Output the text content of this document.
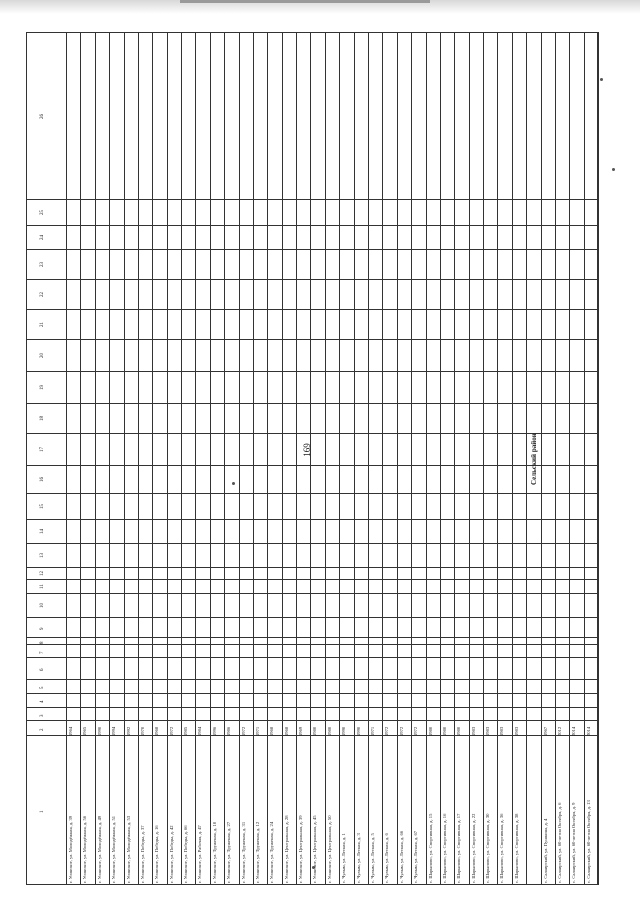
169
1
2
3
4
5
6
7
8
9
10
11
12
13
14
15
16
17
18
19
20
21
22
23
24
25
26
г. Усинское, ул. Молодёжная, д. 39
1964
г. Усинское, ул. Молодёжная, д. 56
1965
г. Усинское, ул. Молодёжная, д. 49
1990
г. Усинское, ул. Молодёжная, д. 51
1994
г. Усинское, ул. Молодёжная, д. 53
1992
г. Усинское, ул. Победы, д. 37
1970
г. Усинское, ул. Победы, д. 16
1968
г. Усинское, ул. Победы, д. 42
1972
г. Усинское, ул. Победы, д. 66
1985
г. Усинское, ул. Рабочая, д. 47
1984
г. Усинское, ул. Труженая, д. 10
1996
г. Усинское, ул. Труженая, д. 27
1986
г. Усинское, ул. Труженая, д. 31
1972
г. Усинское, ул. Труженая, д. 12
1971
г. Усинское, ул. Труженая, д. 24
1968
г. Усинское, ул. Центральная, д. 28
1968
г. Усинское, ул. Центральная, д. 39
1969
г. Усинское, ул. Центральная, д. 45
1980
г. Усинское, ул. Центральная, д. 50
1980
с. Чулым, ул. Лесная, д. 1
1990
с. Чулым, ул. Лесная, д. 3
1990
с. Чулым, ул. Лесная, д. 5
1971
с. Чулым, ул. Лесная, д. 6
1972
с. Чулым, ул. Лесная, д. 66
1972
с. Чулым, ул. Лесная, д. 67
1972
с. Шарыпово, ул. Спортивная, д. 15
1980
с. Шарыпово, ул. Спортивная, д. 16
1980
с. Шарыпово, ул. Спортивная, д. 17
1980
с. Шарыпово, ул. Спортивная, д. 22
1983
с. Шарыпово, ул. Спортивная, д. 30
1983
с. Шарыпово, ул. Спортивная, д. 36
1983
с. Шарыпово, ул. Спортивная, д. 38
1983
Сельский район
с. Салаирский, ул. Пушкина, д. 4
1967
с. Салаирский, ул. 60-летия Октября, д. 6
2012
с. Салаирский, ул. 60-летия Октября, д. 9
2014
с. Салаирский, ул. 60-летия Октября, д. 13
2014
